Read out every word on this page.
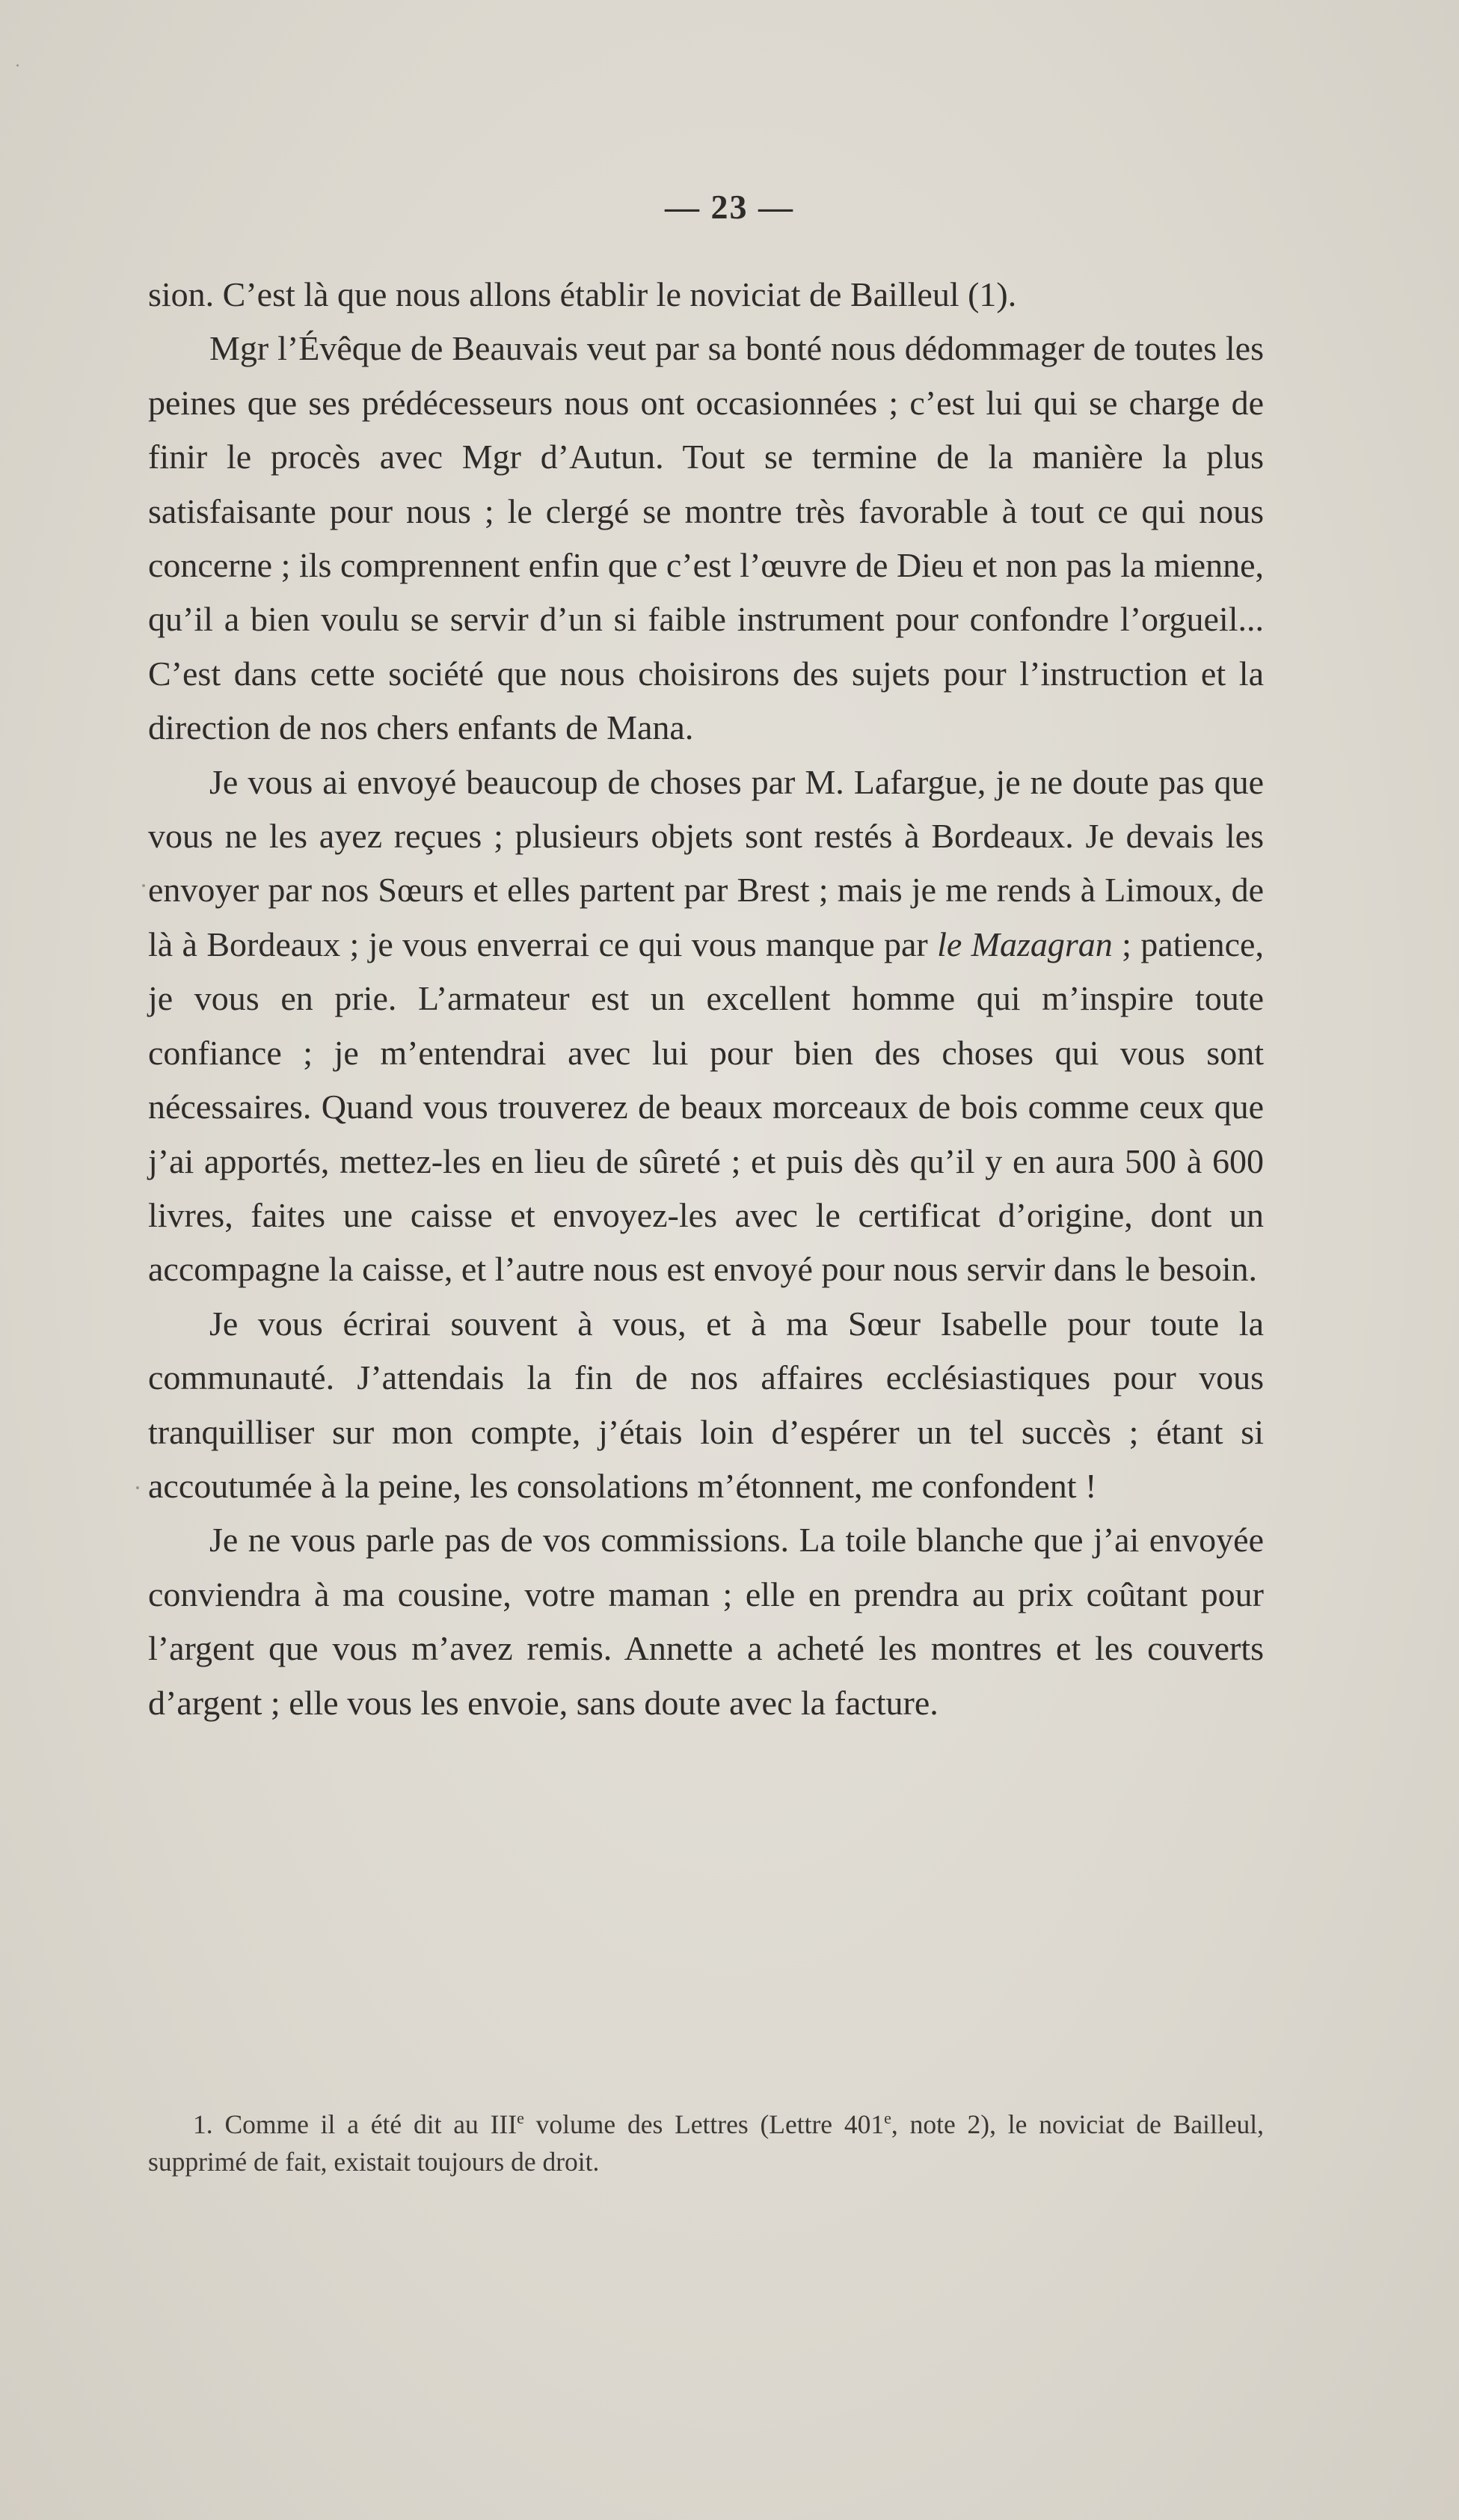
— 23 —

sion. C’est là que nous allons établir le noviciat de Bailleul (1).

Mgr l’Évêque de Beauvais veut par sa bonté nous dédommager de toutes les peines que ses prédécesseurs nous ont occasionnées ; c’est lui qui se charge de finir le procès avec Mgr d’Autun. Tout se termine de la manière la plus satisfaisante pour nous ; le clergé se montre très favorable à tout ce qui nous concerne ; ils comprennent enfin que c’est l’œuvre de Dieu et non pas la mienne, qu’il a bien voulu se servir d’un si faible instrument pour confondre l’orgueil... C’est dans cette société que nous choisirons des sujets pour l’instruction et la direction de nos chers enfants de Mana.

Je vous ai envoyé beaucoup de choses par M. Lafargue, je ne doute pas que vous ne les ayez reçues ; plusieurs objets sont restés à Bordeaux. Je devais les envoyer par nos Sœurs et elles partent par Brest ; mais je me rends à Limoux, de là à Bordeaux ; je vous enverrai ce qui vous manque par le Mazagran ; patience, je vous en prie. L’armateur est un excellent homme qui m’inspire toute confiance ; je m’entendrai avec lui pour bien des choses qui vous sont nécessaires. Quand vous trouverez de beaux morceaux de bois comme ceux que j’ai apportés, mettez-les en lieu de sûreté ; et puis dès qu’il y en aura 500 à 600 livres, faites une caisse et envoyez-les avec le certificat d’origine, dont un accompagne la caisse, et l’autre nous est envoyé pour nous servir dans le besoin.

Je vous écrirai souvent à vous, et à ma Sœur Isabelle pour toute la communauté. J’attendais la fin de nos affaires ecclésiastiques pour vous tranquilliser sur mon compte, j’étais loin d’espérer un tel succès ; étant si accoutumée à la peine, les consolations m’étonnent, me confondent !

Je ne vous parle pas de vos commissions. La toile blanche que j’ai envoyée conviendra à ma cousine, votre maman ; elle en prendra au prix coûtant pour l’argent que vous m’avez remis. Annette a acheté les montres et les couverts d’argent ; elle vous les envoie, sans doute avec la facture.

1. Comme il a été dit au IIIe volume des Lettres (Lettre 401e, note 2), le noviciat de Bailleul, supprimé de fait, existait toujours de droit.
